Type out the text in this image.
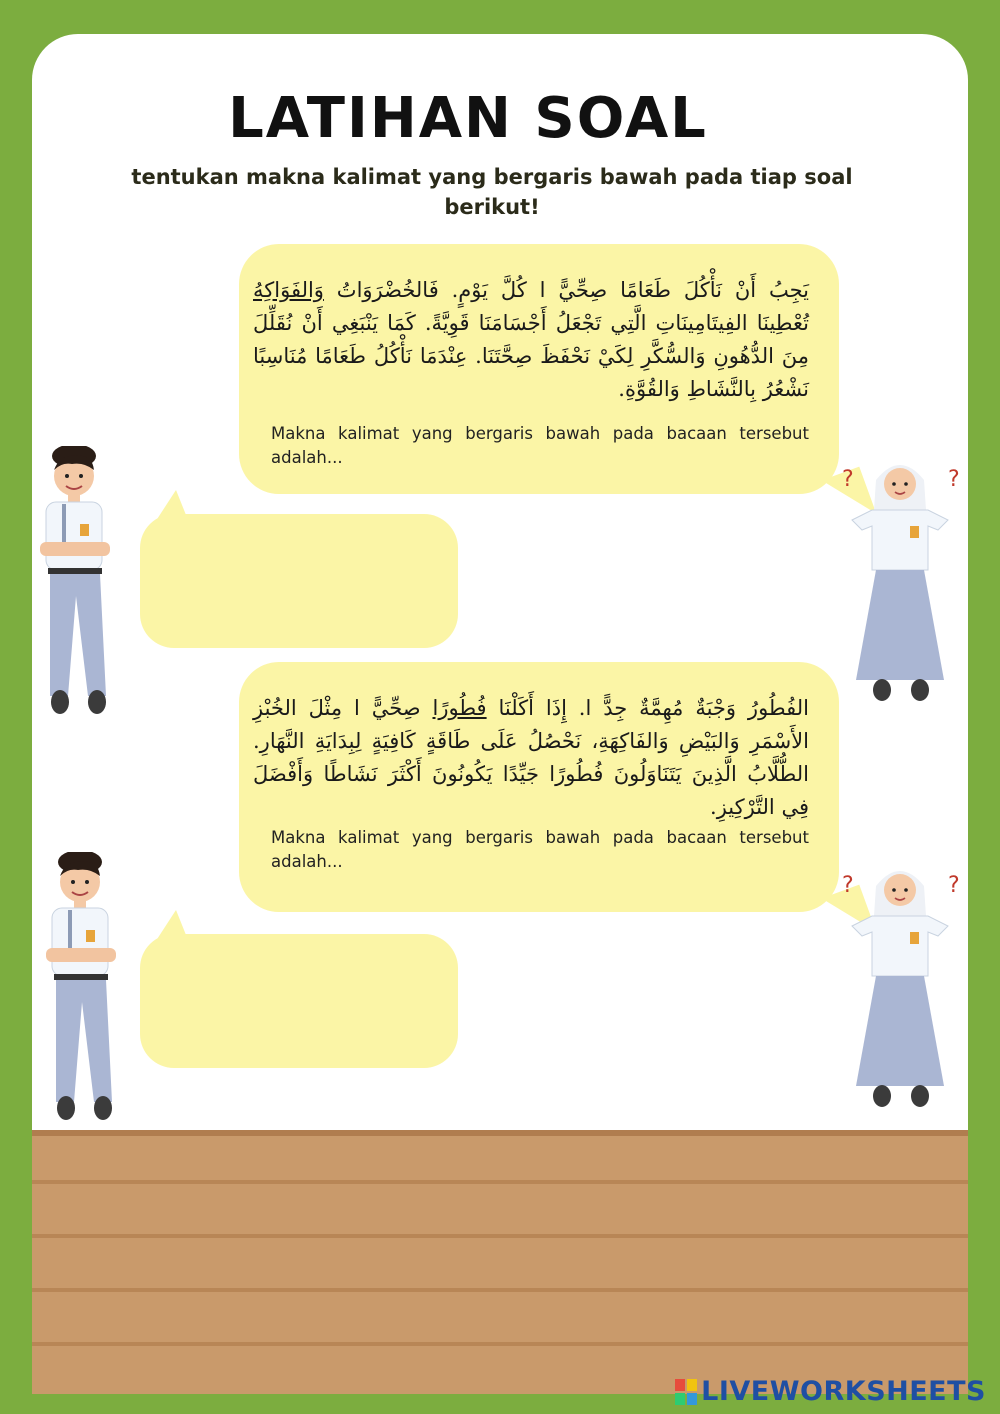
LATIHAN SOAL
tentukan makna kalimat yang bergaris bawah pada tiap soal berikut!
يَجِبُ أَنْ نَأْكُلَ طَعَامًا صِحِّيًّ ا كُلَّ يَوْمٍ. فَالخُضْرَوَاتُ وَالفَوَاكِهُ تُعْطِينَا الفِيتَامِينَاتِ الَّتِي تَجْعَلُ أَجْسَامَنَا قَوِيَّةً. كَمَا يَنْبَغِي أَنْ نُقَلِّلَ مِنَ الدُّهُونِ وَالسُّكَّرِ لِكَيْ نَحْفَظَ صِحَّتَنَا. عِنْدَمَا نَأْكُلُ طَعَامًا مُنَاسِبًا نَشْعُرُ بِالنَّشَاطِ وَالقُوَّةِ.
Makna kalimat yang bergaris bawah pada bacaan tersebut adalah...
الفُطُورُ وَجْبَةٌ مُهِمَّةٌ جِدًّ ا. إِذَا أَكَلْنَا فُطُورًا صِحِّيًّ ا مِثْلَ الخُبْزِ الأَسْمَرِ وَالبَيْضِ وَالفَاكِهَةِ، نَحْصُلُ عَلَى طَاقَةٍ كَافِيَةٍ لِبِدَايَةِ النَّهَارِ. الطُّلَّابُ الَّذِينَ يَتَنَاوَلُونَ فُطُورًا جَيِّدًا يَكُونُونَ أَكْثَرَ نَشَاطًا وَأَفْضَلَ فِي التَّرْكِيزِ.
Makna kalimat yang bergaris bawah pada bacaan tersebut adalah...
?	?
?	?
LIVEWORKSHEETS
